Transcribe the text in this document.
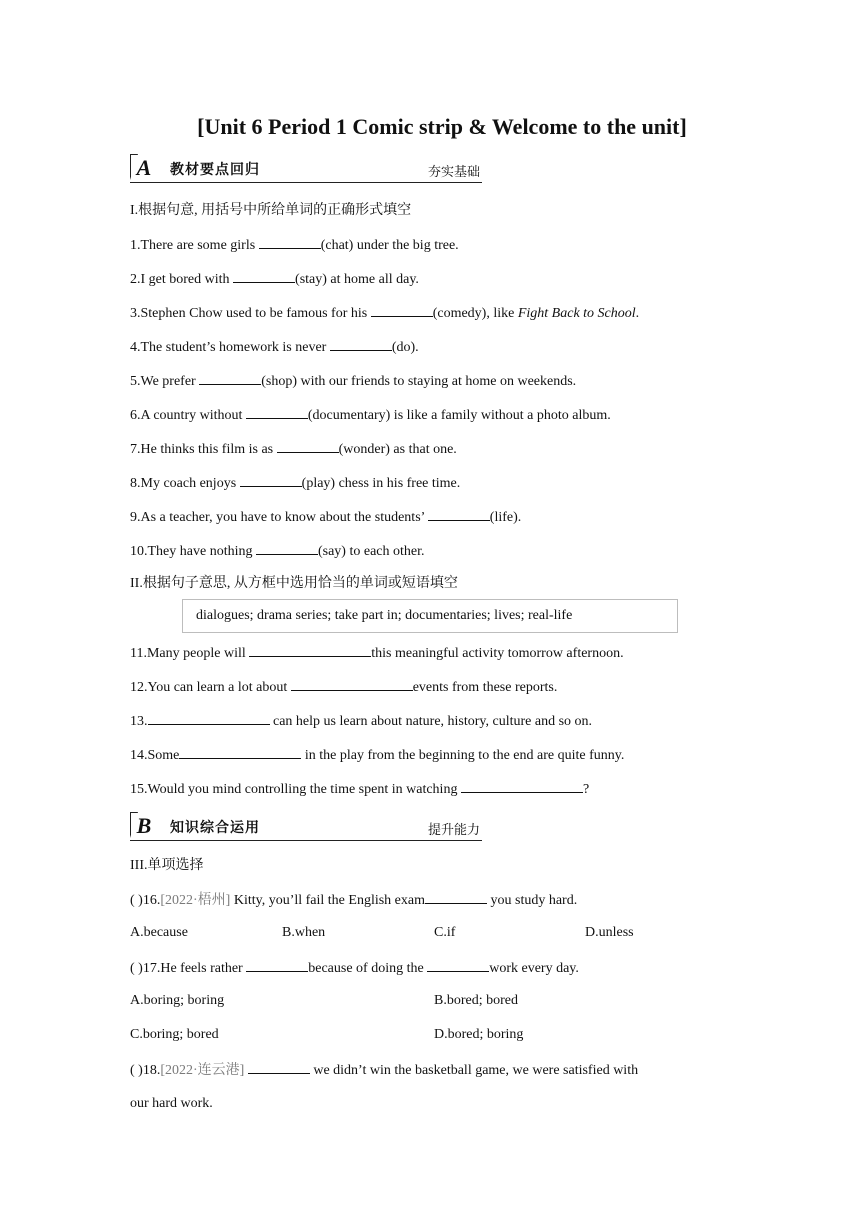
[Unit 6 Period 1 Comic strip & Welcome to the unit]
A 教材要点回归	夯实基础
I.根据句意, 用括号中所给单词的正确形式填空
1.There are some girls	(chat) under the big tree.
2.I get bored with	(stay) at home all day.
3.Stephen Chow used to be famous for his	(comedy), like Fight Back to School.
4.The student’s homework is never	(do).
5.We prefer	(shop) with our friends to staying at home on weekends.
6.A country without	(documentary) is like a family without a photo album.
7.He thinks this film is as	(wonder) as that one.
8.My coach enjoys	(play) chess in his free time.
9.As a teacher, you have to know about the students’	(life).
10.They have nothing	(say) to each other.
II.根据句子意思, 从方框中选用恰当的单词或短语填空
dialogues; drama series; take part in; documentaries; lives; real-life
11.Many people will	this meaningful activity tomorrow afternoon.
12.You can learn a lot about	events from these reports.
13.	can help us learn about nature, history, culture and so on.
14.Some	in the play from the beginning to the end are quite funny.
15.Would you mind controlling the time spent in watching	?
B 知识综合运用	提升能力
III.单项选择
( )16.[2022·梧州] Kitty, you’ll fail the English exam	you study hard.
A.because	B.when	C.if	D.unless
( )17.He feels rather	because of doing the	work every day.
A.boring; boring	B.bored; bored
C.boring; bored	D.bored; boring
( )18.[2022·连云港]	we didn’t win the basketball game, we were satisfied with
our hard work.
